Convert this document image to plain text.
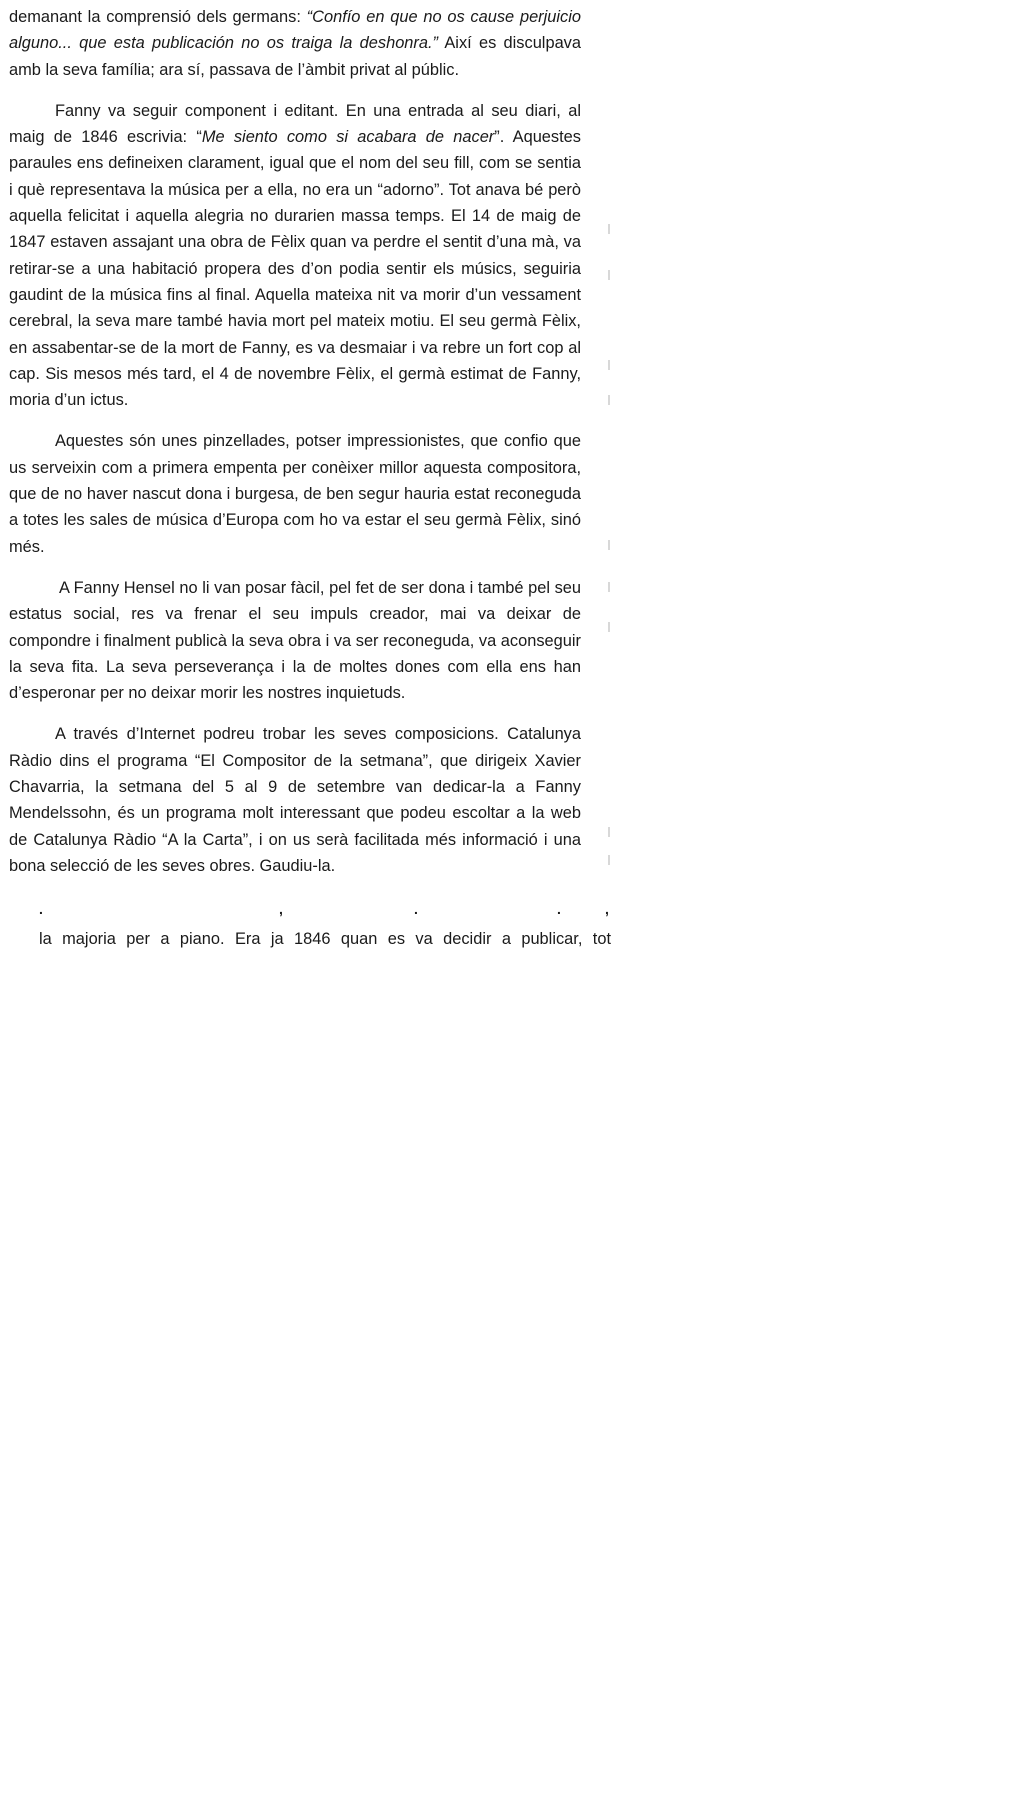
demanant la comprensió dels germans: “Confío en que no os cause perjuicio alguno... que esta publicación no os traiga la deshonra.” Així es disculpava amb la seva família; ara sí, passava de l’àmbit privat al públic.

Fanny va seguir component i editant. En una entrada al seu diari, al maig de 1846 escrivia: “Me siento como si acabara de nacer”. Aquestes paraules ens defineixen clarament, igual que el nom del seu fill, com se sentia i què representava la música per a ella, no era un “adorno”. Tot anava bé però aquella felicitat i aquella alegria no durarien massa temps. El 14 de maig de 1847 estaven assajant una obra de Fèlix quan va perdre el sentit d’una mà, va retirar-se a una habitació propera des d’on podia sentir els músics, seguiria gaudint de la música fins al final. Aquella mateixa nit va morir d’un vessament cerebral, la seva mare també havia mort pel mateix motiu. El seu germà Fèlix, en assabentar-se de la mort de Fanny, es va desmaiar i va rebre un fort cop al cap. Sis mesos més tard, el 4 de novembre Fèlix, el germà estimat de Fanny, moria d’un ictus.

Aquestes són unes pinzellades, potser impressionistes, que confio que us serveixin com a primera empenta per conèixer millor aquesta compositora, que de no haver nascut dona i burgesa, de ben segur hauria estat reconeguda a totes les sales de música d’Europa com ho va estar el seu germà Fèlix, sinó més.

A Fanny Hensel no li van posar fàcil, pel fet de ser dona i també pel seu estatus social, res va frenar el seu impuls creador, mai va deixar de compondre i finalment publicà la seva obra i va ser reconeguda, va aconseguir la seva fita. La seva perseverança i la de moltes dones com ella ens han d’esperonar per no deixar morir les nostres inquietuds.

A través d’Internet podreu trobar les seves composicions. Catalunya Ràdio dins el programa “El Compositor de la setmana”, que dirigeix Xavier Chavarria, la setmana del 5 al 9 de setembre van dedicar-la a Fanny Mendelssohn, és un programa molt interessant que podeu escoltar a la web de Catalunya Ràdio “A la Carta”, i on us serà facilitada més informació i una bona selecció de les seves obres. Gaudiu-la.

.	,	.	.	,
la majoria per a piano. Era ja 1846 quan es va decidir a publicar, tot
